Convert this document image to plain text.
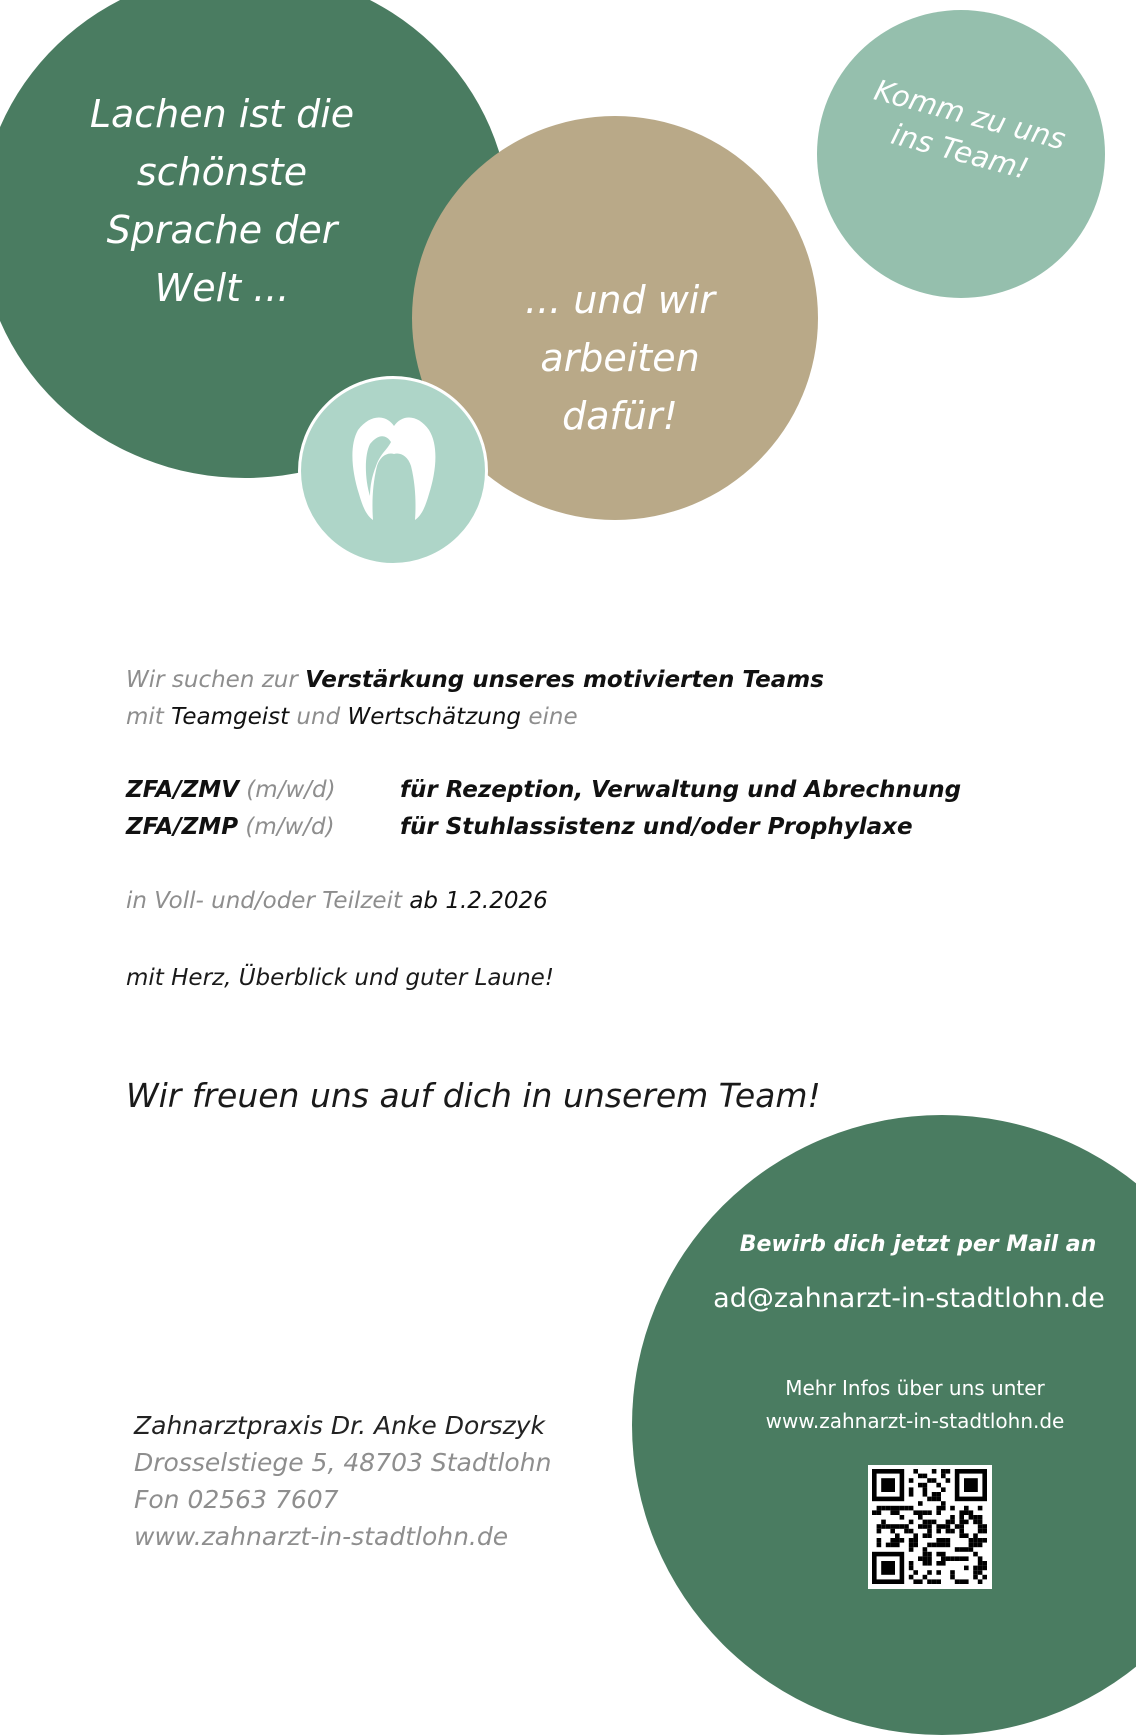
Lachen ist die
schönste
Sprache der
Welt ...	... und wir
arbeiten
dafür!
Komm zu uns
ins Team!
Wir suchen zur Verstärkung unseres motivierten Teams
mit Teamgeist und Wertschätzung eine
ZFA/ZMV (m/w/d)	für Rezeption, Verwaltung und Abrechnung
ZFA/ZMP (m/w/d)	für Stuhlassistenz und/oder Prophylaxe
in Voll- und/oder Teilzeit ab 1.2.2026
mit Herz, Überblick und guter Laune!
Wir freuen uns auf dich in unserem Team!
Zahnarztpraxis Dr. Anke Dorszyk
Drosselstiege 5, 48703 Stadtlohn
Fon 02563 7607
www.zahnarzt-in-stadtlohn.de
Bewirb dich jetzt per Mail an
ad@zahnarzt-in-stadtlohn.de
Mehr Infos über uns unter
www.zahnarzt-in-stadtlohn.de
